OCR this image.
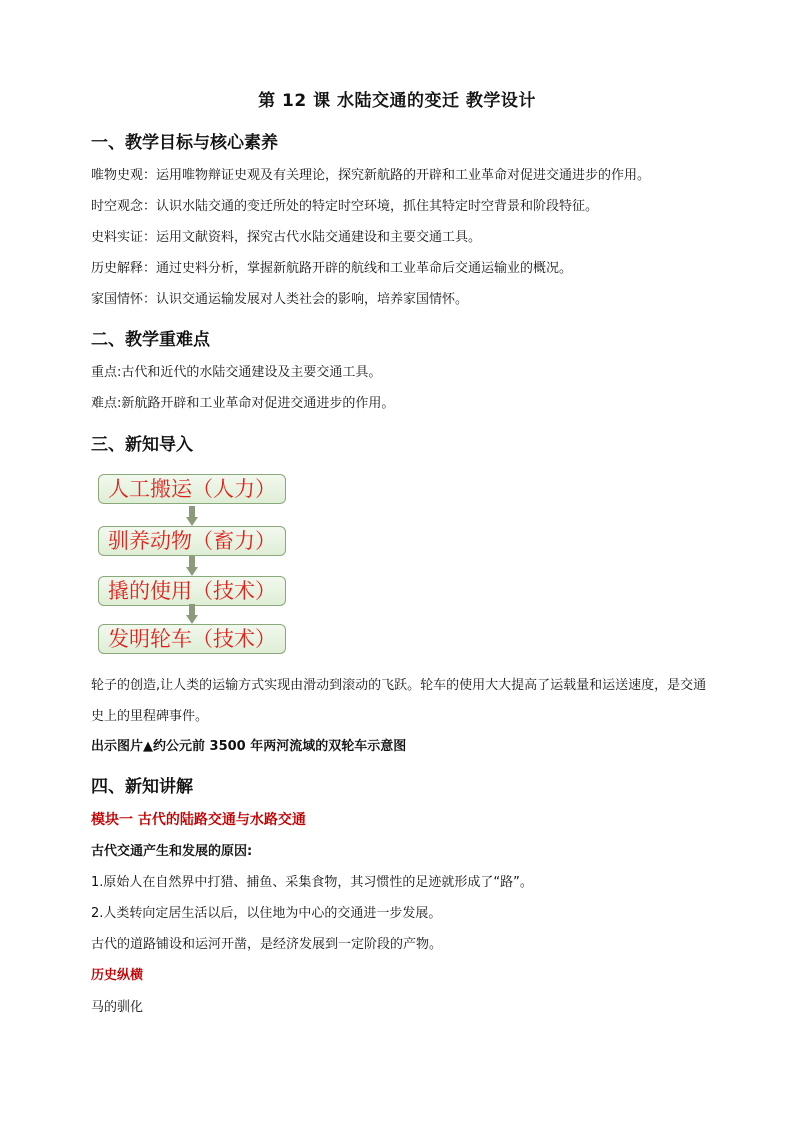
第 12 课 水陆交通的变迁 教学设计
一、教学目标与核心素养
唯物史观：运用唯物辩证史观及有关理论，探究新航路的开辟和工业革命对促进交通进步的作用。
时空观念：认识水陆交通的变迁所处的特定时空环境，抓住其特定时空背景和阶段特征。
史料实证：运用文献资料，探究古代水陆交通建设和主要交通工具。
历史解释：通过史料分析，掌握新航路开辟的航线和工业革命后交通运输业的概况。
家国情怀：认识交通运输发展对人类社会的影响，培养家国情怀。
二、教学重难点
重点:古代和近代的水陆交通建设及主要交通工具。
难点:新航路开辟和工业革命对促进交通进步的作用。
三、新知导入
人工搬运（人力）
驯养动物（畜力）
撬的使用（技术）
发明轮车（技术）
轮子的创造,让人类的运输方式实现由滑动到滚动的飞跃。轮车的使用大大提高了运载量和运送速度，是交通史上的里程碑事件。
出示图片▲约公元前 3500 年两河流域的双轮车示意图
四、新知讲解
模块一 古代的陆路交通与水路交通
古代交通产生和发展的原因:
1.原始人在自然界中打猎、捕鱼、采集食物，其习惯性的足迹就形成了“路”。
2.人类转向定居生活以后，以住地为中心的交通进一步发展。
古代的道路铺设和运河开凿，是经济发展到一定阶段的产物。
历史纵横
马的驯化
